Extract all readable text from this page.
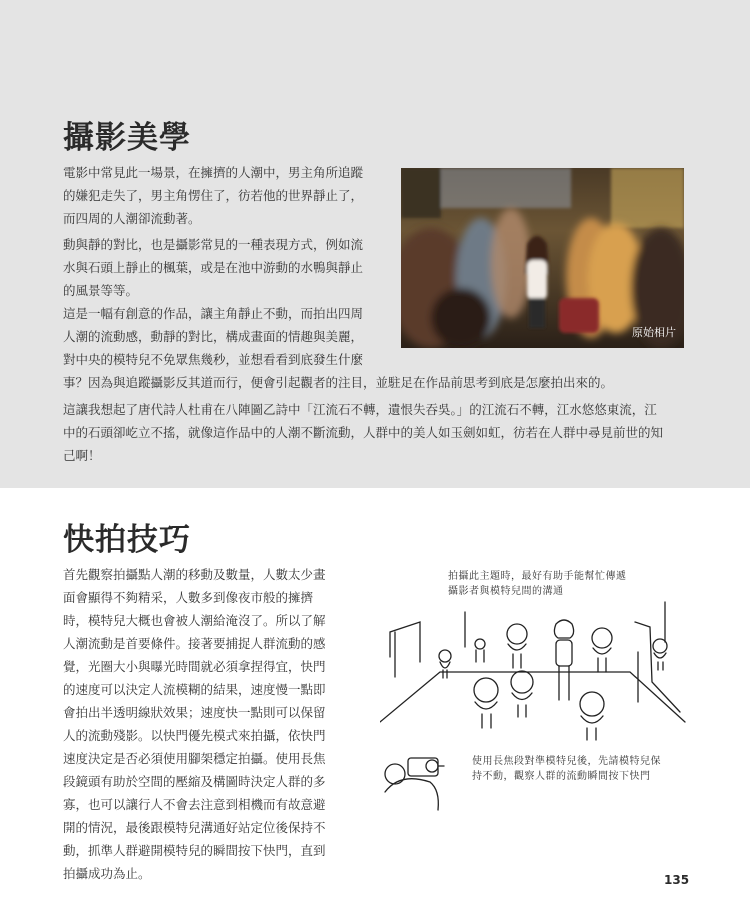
攝影美學
電影中常見此一場景，在擁擠的人潮中，男主角所追蹤
的嫌犯走失了，男主角愣住了，彷若他的世界靜止了，
而四周的人潮卻流動著。
動與靜的對比，也是攝影常見的一種表現方式，例如流
水與石頭上靜止的楓葉，或是在池中游動的水鴨與靜止
的風景等等。
這是一幅有創意的作品，讓主角靜止不動，而拍出四周
人潮的流動感，動靜的對比，構成畫面的情趣與美麗，
對中央的模特兒不免眾焦幾秒，並想看看到底發生什麼
事？因為與追蹤攝影反其道而行，便會引起觀者的注目，並駐足在作品前思考到底是怎麼拍出來的。
這讓我想起了唐代詩人杜甫在八陣圖乙詩中「江流石不轉，遺恨失吞吳。」的江流石不轉，江水悠悠東流，江
中的石頭卻屹立不搖，就像這作品中的人潮不斷流動，人群中的美人如玉劍如虹，彷若在人群中尋見前世的知
己啊！
原始相片
快拍技巧
首先觀察拍攝點人潮的移動及數量，人數太少畫
面會顯得不夠精采，人數多到像夜市般的擁擠
時，模特兒大概也會被人潮給淹沒了。所以了解
人潮流動是首要條件。接著要捕捉人群流動的感
覺，光圈大小與曝光時間就必須拿捏得宜，快門
的速度可以決定人流模糊的結果，速度慢一點即
會拍出半透明線狀效果；速度快一點則可以保留
人的流動殘影。以快門優先模式來拍攝，依快門
速度決定是否必須使用腳架穩定拍攝。使用長焦
段鏡頭有助於空間的壓縮及構圖時決定人群的多
寡，也可以讓行人不會去注意到相機而有故意避
開的情況，最後跟模特兒溝通好站定位後保持不
動，抓準人群避開模特兒的瞬間按下快門，直到
拍攝成功為止。
拍攝此主題時，最好有助手能幫忙傳遞
攝影者與模特兒間的溝通
使用長焦段對準模特兒後，先請模特兒保
持不動，觀察人群的流動瞬間按下快門
135
